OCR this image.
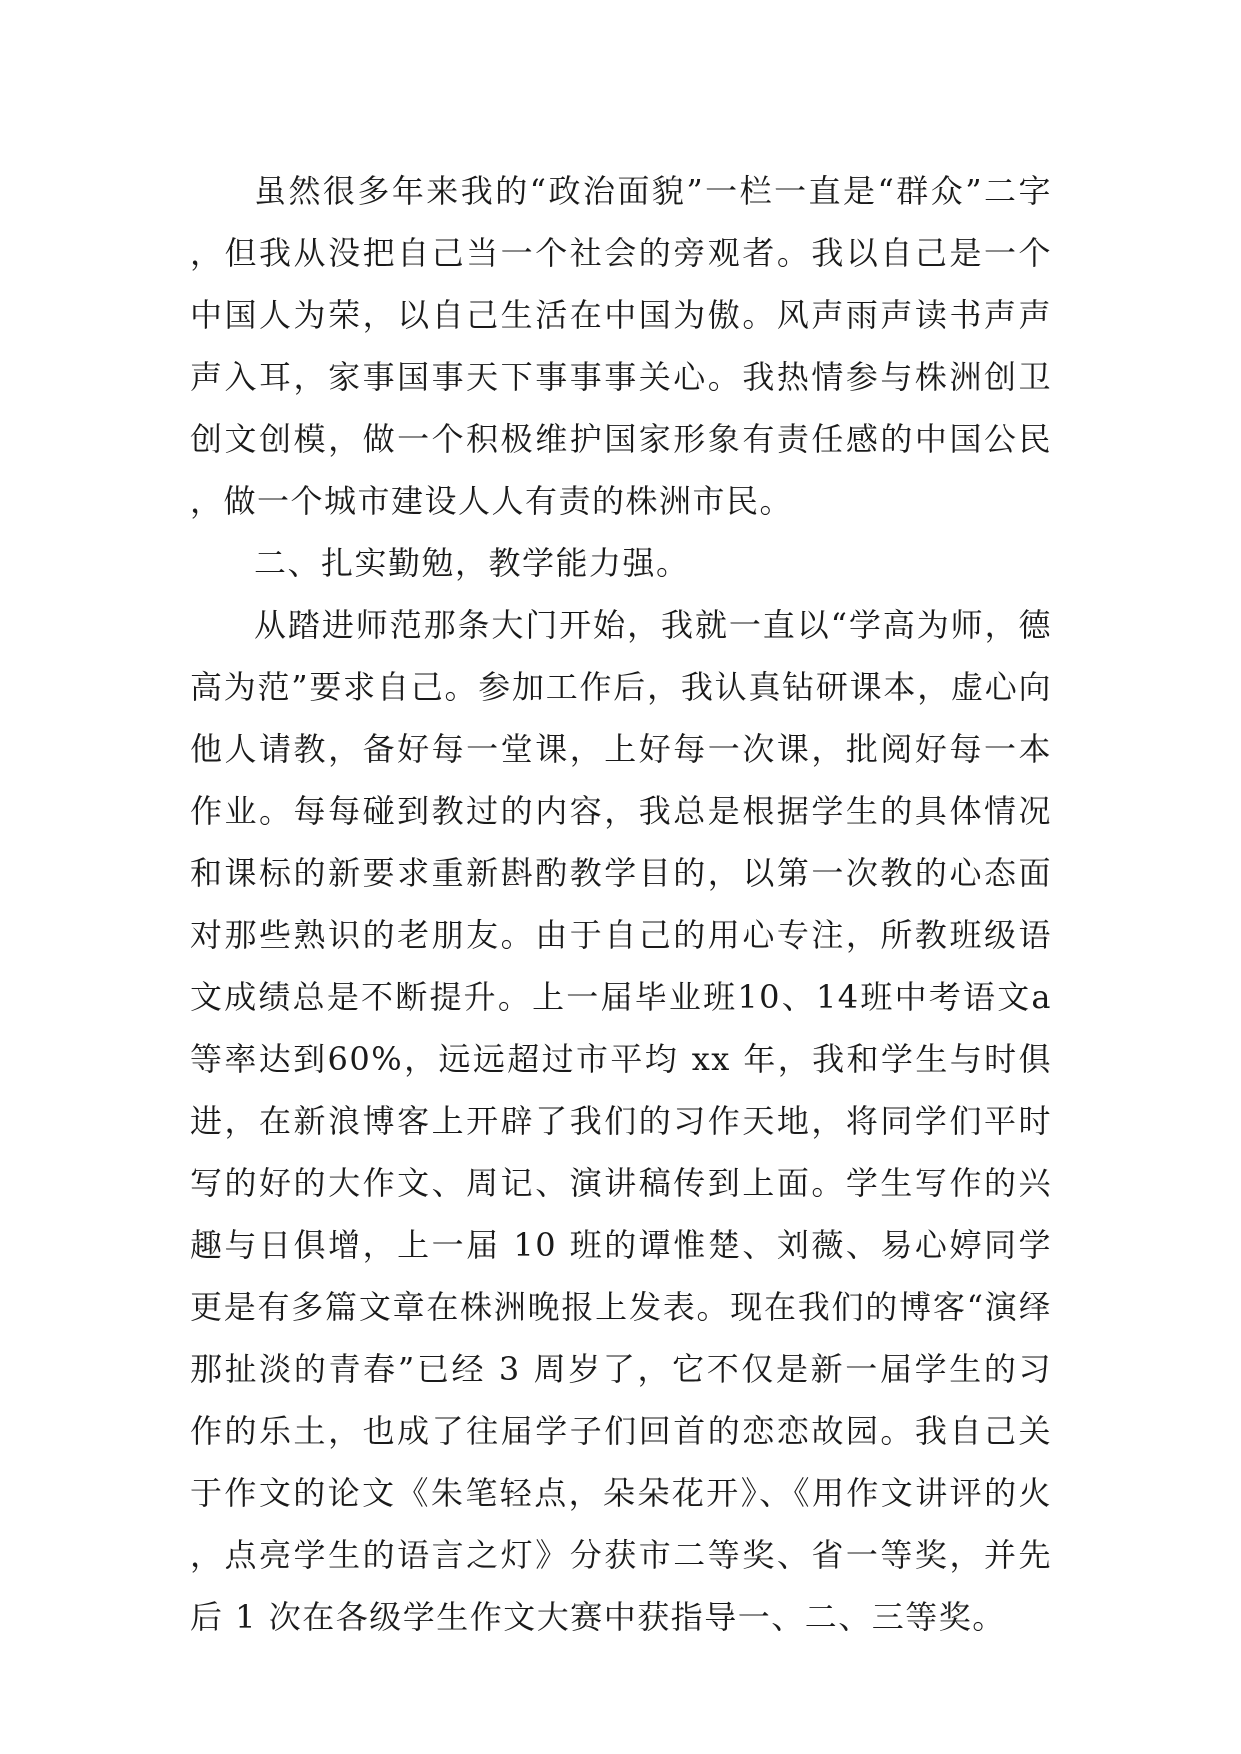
虽然很多年来我的“政治面貌”一栏一直是“群众”二字，但我从没把自己当一个社会的旁观者。我以自己是一个中国人为荣，以自己生活在中国为傲。风声雨声读书声声声入耳，家事国事天下事事事关心。我热情参与株洲创卫创文创模，做一个积极维护国家形象有责任感的中国公民，做一个城市建设人人有责的株洲市民。

二、扎实勤勉，教学能力强。

从踏进师范那条大门开始，我就一直以“学高为师，德高为范”要求自己。参加工作后，我认真钻研课本，虚心向他人请教，备好每一堂课，上好每一次课，批阅好每一本作业。每每碰到教过的内容，我总是根据学生的具体情况和课标的新要求重新斟酌教学目的，以第一次教的心态面对那些熟识的老朋友。由于自己的用心专注，所教班级语文成绩总是不断提升。上一届毕业班10、14班中考语文a等率达到60%，远远超过市平均 xx 年，我和学生与时俱进，在新浪博客上开辟了我们的习作天地，将同学们平时写的好的大作文、周记、演讲稿传到上面。学生写作的兴趣与日俱增，上一届 10 班的谭惟楚、刘薇、易心婷同学更是有多篇文章在株洲晚报上发表。现在我们的博客“演绎那扯淡的青春”已经 3 周岁了，它不仅是新一届学生的习作的乐土，也成了往届学子们回首的恋恋故园。我自己关于作文的论文《朱笔轻点，朵朵花开》、《用作文讲评的火，点亮学生的语言之灯》分获市二等奖、省一等奖，并先后 1 次在各级学生作文大赛中获指导一、二、三等奖。
